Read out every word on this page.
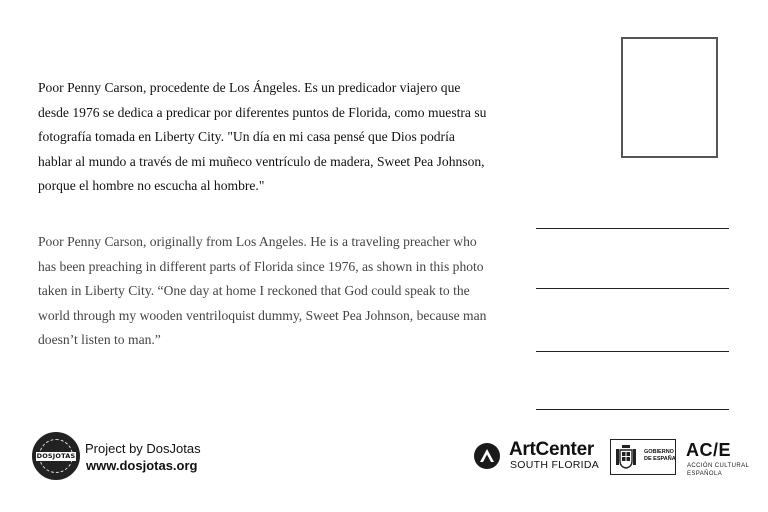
Poor Penny Carson, procedente de Los Ángeles. Es un predicador viajero que
desde 1976 se dedica a predicar por diferentes puntos de Florida, como muestra su
fotografía tomada en Liberty City. "Un día en mi casa pensé que Dios podría
hablar al mundo a través de mi muñeco ventrículo de madera, Sweet Pea Johnson,
porque el hombre no escucha al hombre."

Poor Penny Carson, originally from Los Angeles. He is a traveling preacher who
has been preaching in different parts of Florida since 1976, as shown in this photo
taken in Liberty City. “One day at home I reckoned that God could speak to the
world through my wooden ventriloquist dummy, Sweet Pea Johnson, because man
doesn’t listen to man.”

DOSJOTAS Project by DosJotas
www.dosjotas.org
ArtCenter
SOUTH FLORIDA
GOBIERNO
DE ESPAÑA AC/E
ACCIÓN CULTURAL
ESPAÑOLA
